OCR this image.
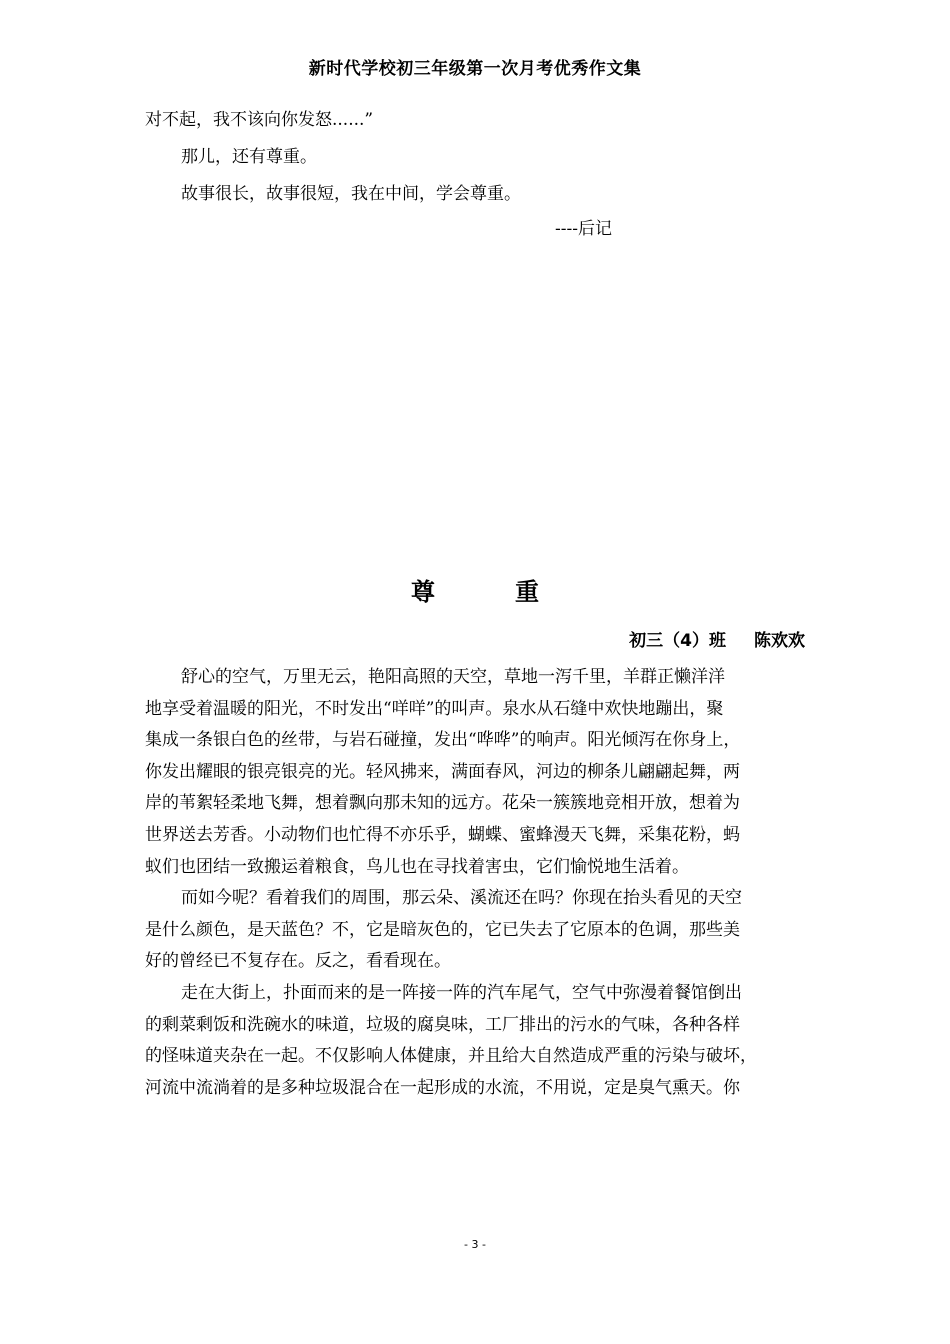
新时代学校初三年级第一次月考优秀作文集

对不起，我不该向你发怒......”

那儿，还有尊重。

故事很长，故事很短，我在中间，学会尊重。

----后记
尊　重
初三（4）班 陈欢欢

舒心的空气，万里无云，艳阳高照的天空，草地一泻千里，羊群正懒洋洋

地享受着温暖的阳光，不时发出“咩咩”的叫声。泉水从石缝中欢快地蹦出，聚

集成一条银白色的丝带，与岩石碰撞，发出“哗哗”的响声。阳光倾泻在你身上，

你发出耀眼的银亮银亮的光。轻风拂来，满面春风，河边的柳条儿翩翩起舞，两

岸的苇絮轻柔地飞舞，想着飘向那未知的远方。花朵一簇簇地竞相开放，想着为

世界送去芳香。小动物们也忙得不亦乐乎，蝴蝶、蜜蜂漫天飞舞，采集花粉，蚂

蚁们也团结一致搬运着粮食，鸟儿也在寻找着害虫，它们愉悦地生活着。

而如今呢？看着我们的周围，那云朵、溪流还在吗？你现在抬头看见的天空

是什么颜色，是天蓝色？不，它是暗灰色的，它已失去了它原本的色调，那些美

好的曾经已不复存在。反之，看看现在。

走在大街上，扑面而来的是一阵接一阵的汽车尾气，空气中弥漫着餐馆倒出

的剩菜剩饭和洗碗水的味道，垃圾的腐臭味，工厂排出的污水的气味，各种各样

的怪味道夹杂在一起。不仅影响人体健康，并且给大自然造成严重的污染与破坏，

河流中流淌着的是多种垃圾混合在一起形成的水流，不用说，定是臭气熏天。你

- 3 -
